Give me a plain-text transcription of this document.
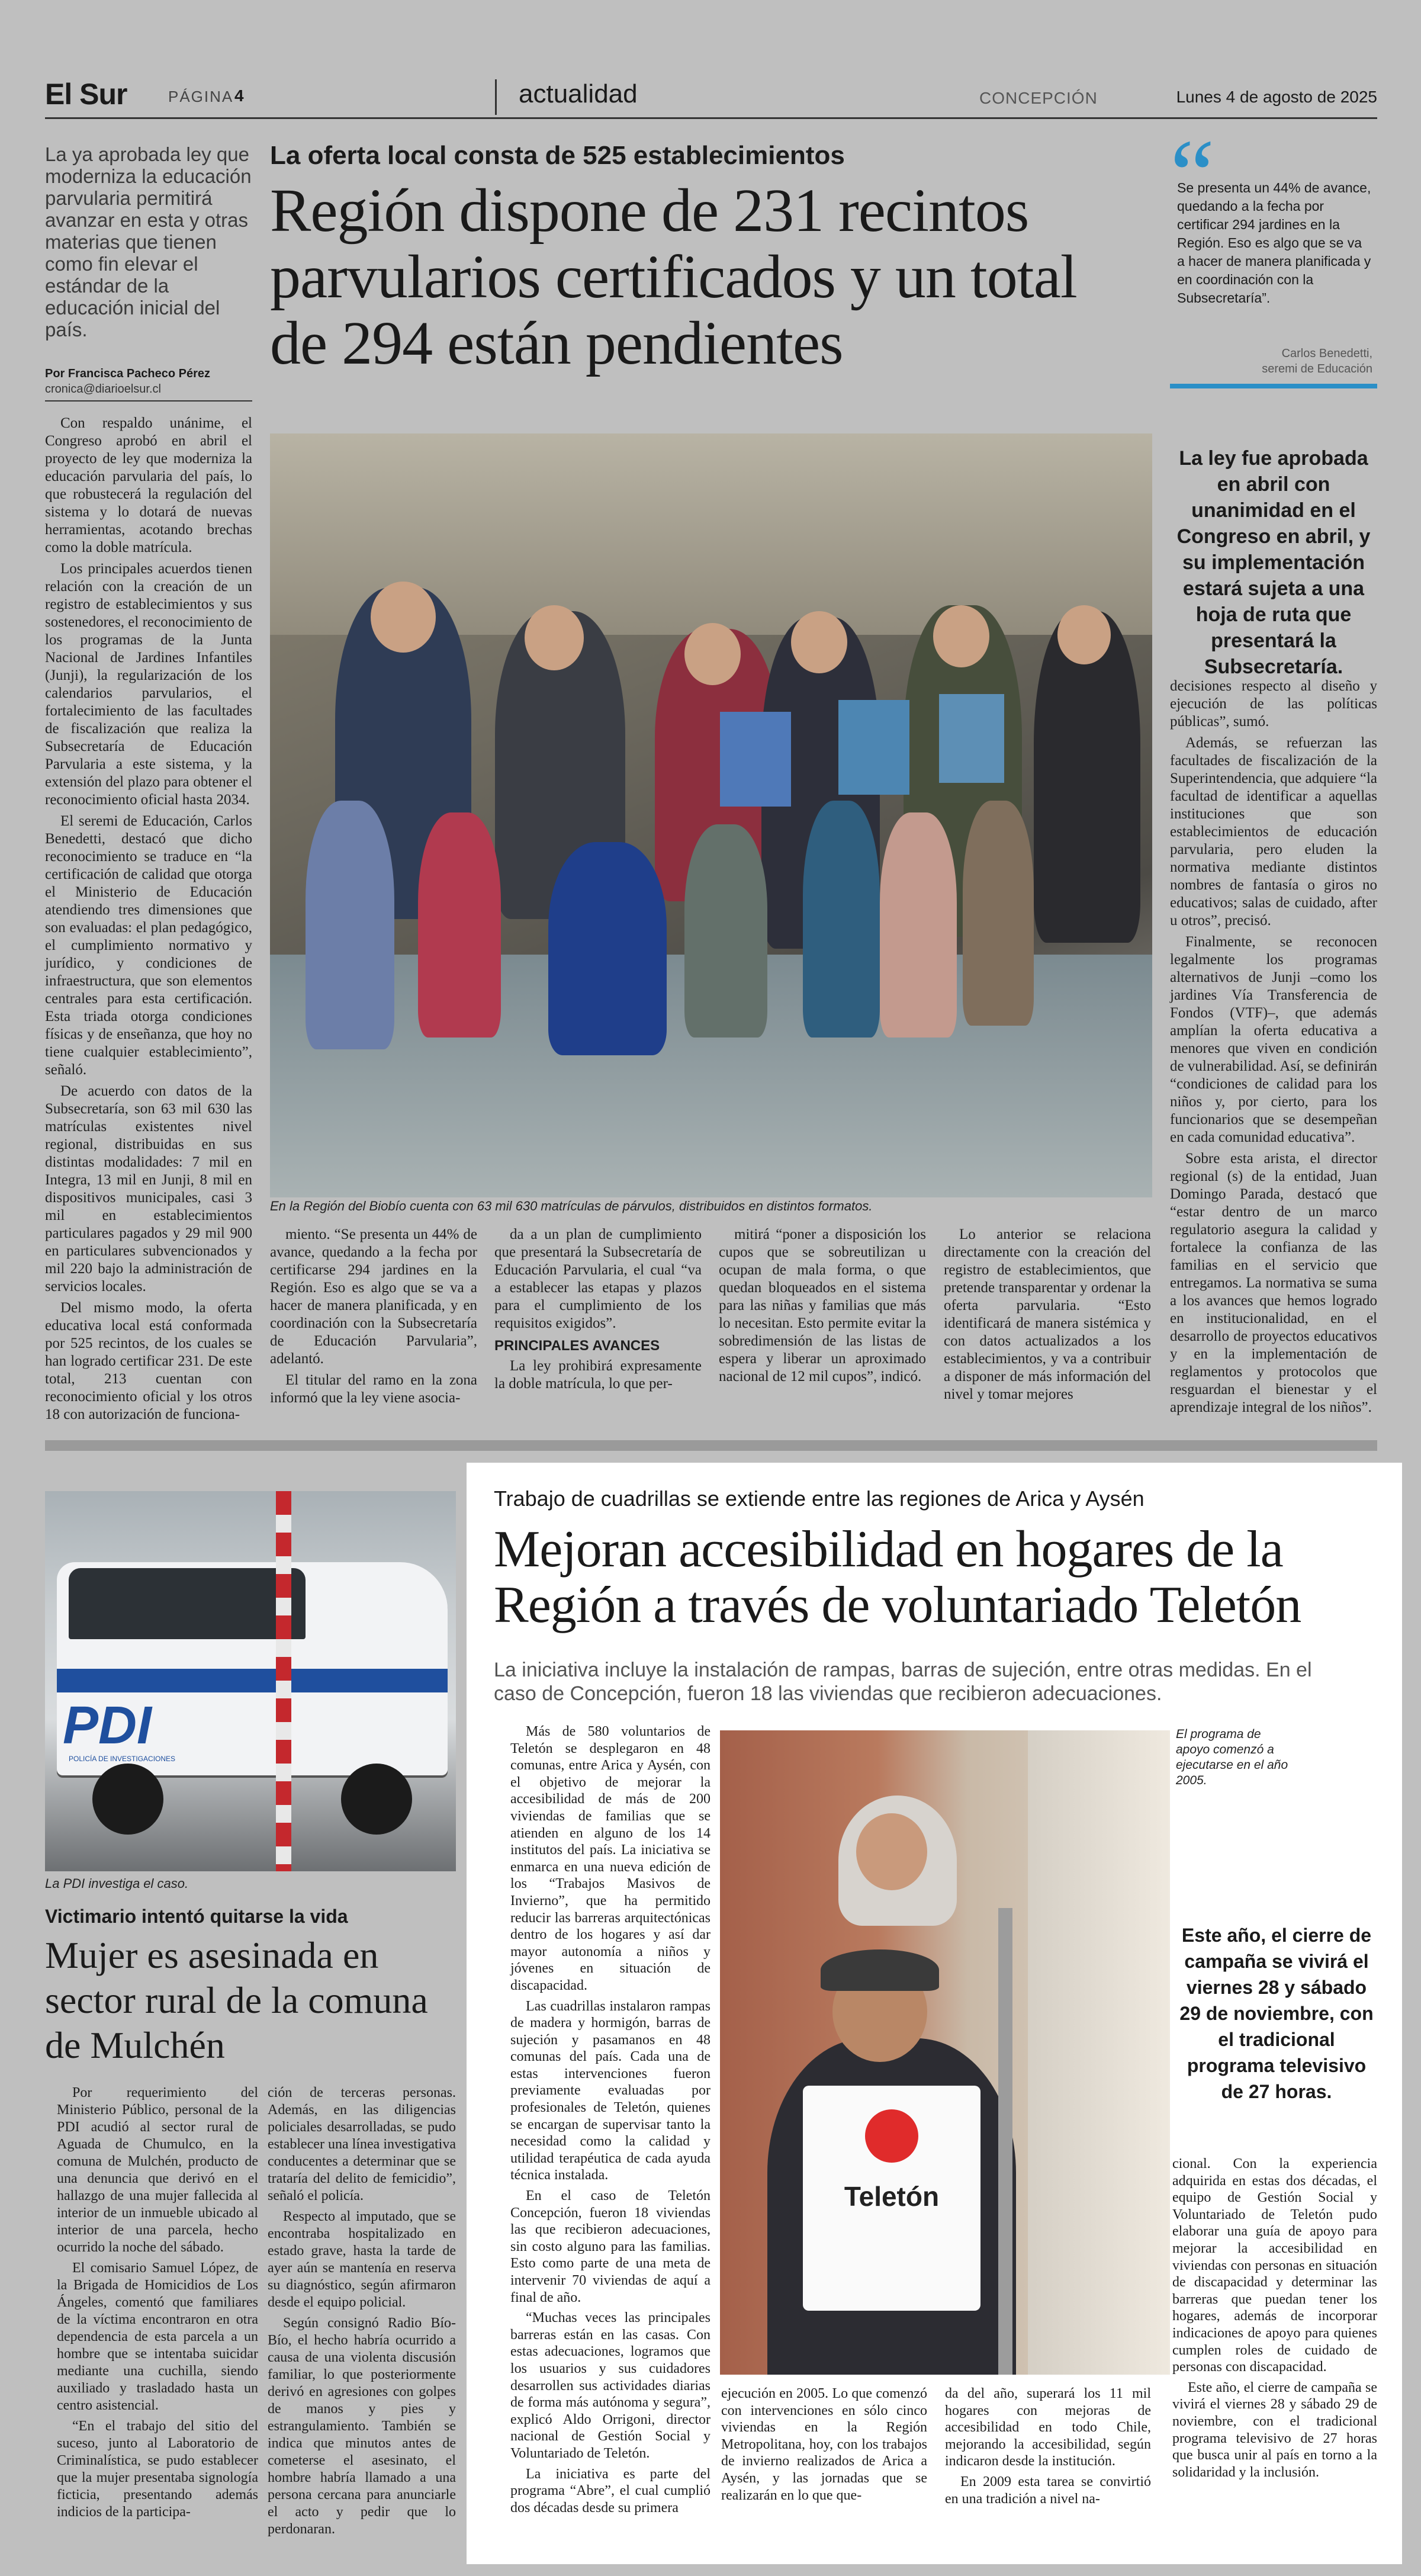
El Sur	PÁGINA 4	actualidad	CONCEPCIÓN	Lunes 4 de agosto de 2025
La ya aprobada ley que moderniza la educación parvularia permitirá avanzar en esta y otras materias que tienen como fin elevar el estándar de la educación inicial del país.
Por Francisca Pacheco Pérez
cronica@diarioelsur.cl
La oferta local consta de 525 establecimientos
Región dispone de 231 recintos parvularios certificados y un total de 294 están pendientes
“
Se presenta un 44% de avance, quedando a la fecha por certificar 294 jardines en la Región. Eso es algo que se va a hacer de manera planificada y en coordinación con la Subsecretaría”.
Carlos Benedetti,
seremi de Educación
En la Región del Biobío cuenta con 63 mil 630 matrículas de párvulos, distribuidos en distintos formatos.
La ley fue aprobada en abril con unanimidad en el Congreso en abril, y su implementación estará sujeta a una hoja de ruta que presentará la Subsecretaría.

Con respaldo unánime, el Congreso aprobó en abril el proyecto de ley que moderniza la educación parvularia del país, lo que robustecerá la regulación del sistema y lo dotará de nuevas herramientas, acotando brechas como la doble matrícula.

Los principales acuerdos tienen relación con la creación de un registro de establecimientos y sus sostenedores, el reconocimiento de los programas de la Junta Nacional de Jardines Infantiles (Junji), la regularización de los calendarios parvularios, el fortalecimiento de las facultades de fiscalización que realiza la Subsecretaría de Educación Parvularia a este sistema, y la extensión del plazo para obtener el reconocimiento oficial hasta 2034.

El seremi de Educación, Carlos Benedetti, destacó que dicho reconocimiento se traduce en “la certificación de calidad que otorga el Ministerio de Educación atendiendo tres dimensiones que son evaluadas: el plan pedagógico, el cumplimiento normativo y jurídico, y condiciones de infraestructura, que son elementos centrales para esta certificación. Esta triada otorga condiciones físicas y de enseñanza, que hoy no tiene cualquier establecimiento”, señaló.

De acuerdo con datos de la Subsecretaría, son 63 mil 630 las matrículas existentes nivel regional, distribuidas en sus distintas modalidades: 7 mil en Integra, 13 mil en Junji, 8 mil en dispositivos municipales, casi 3 mil en establecimientos particulares pagados y 29 mil 900 en particulares subvencionados y mil 220 bajo la administración de servicios locales.

Del mismo modo, la oferta educativa local está conformada por 525 recintos, de los cuales se han logrado certificar 231. De este total, 213 cuentan con reconocimiento oficial y los otros 18 con autorización de funciona-

miento. “Se presenta un 44% de avance, quedando a la fecha por certificarse 294 jardines en la Región. Eso es algo que se va a hacer de manera planificada, y en coordinación con la Subsecretaría de Educación Parvularia”, adelantó.

El titular del ramo en la zona informó que la ley viene asocia-

da a un plan de cumplimiento que presentará la Subsecretaría de Educación Parvularia, el cual “va a establecer las etapas y plazos para el cumplimiento de los requisitos exigidos”.

PRINCIPALES AVANCES

La ley prohibirá expresamente la doble matrícula, lo que per-

mitirá “poner a disposición los cupos que se sobreutilizan u ocupan de mala forma, o que quedan bloqueados en el sistema para las niñas y familias que más lo necesitan. Esto permite evitar la sobredimensión de las listas de espera y liberar un aproximado nacional de 12 mil cupos”, indicó.

Lo anterior se relaciona directamente con la creación del registro de establecimientos, que pretende transparentar y ordenar la oferta parvularia. “Esto identificará de manera sistémica y con datos actualizados a los establecimientos, y va a contribuir a disponer de más información del nivel y tomar mejores

decisiones respecto al diseño y ejecución de las políticas públicas”, sumó.

Además, se refuerzan las facultades de fiscalización de la Superintendencia, que adquiere “la facultad de identificar a aquellas instituciones que son establecimientos de educación parvularia, pero eluden la normativa mediante distintos nombres de fantasía o giros no educativos; salas de cuidado, after u otros”, precisó.

Finalmente, se reconocen legalmente los programas alternativos de Junji –como los jardines Vía Transferencia de Fondos (VTF)–, que además amplían la oferta educativa a menores que viven en condición de vulnerabilidad. Así, se definirán “condiciones de calidad para los niños y, por cierto, para los funcionarios que se desempeñan en cada comunidad educativa”.

Sobre esta arista, el director regional (s) de la entidad, Juan Domingo Parada, destacó que “estar dentro de un marco regulatorio asegura la calidad y fortalece la confianza de las familias en el servicio que entregamos. La normativa se suma a los avances que hemos logrado en institucionalidad, en el desarrollo de proyectos educativos y en la implementación de reglamentos y protocolos que resguardan el bienestar y el aprendizaje integral de los niños”.

PDI
POLICÍA DE INVESTIGACIONES
La PDI investiga el caso.
Victimario intentó quitarse la vida
Mujer es asesinada en sector rural de la comuna de Mulchén

Por requerimiento del Ministerio Público, personal de la PDI acudió al sector rural de Aguada de Chumulco, en la comuna de Mulchén, producto de una denuncia que derivó en el hallazgo de una mujer fallecida al interior de un inmueble ubicado al interior de una parcela, hecho ocurrido la noche del sábado.

El comisario Samuel López, de la Brigada de Homicidios de Los Ángeles, comentó que familiares de la víctima encontraron en otra dependencia de esta parcela a un hombre que se intentaba suicidar mediante una cuchilla, siendo auxiliado y trasladado hasta un centro asistencial.

“En el trabajo del sitio del suceso, junto al Laboratorio de Criminalística, se pudo establecer que la mujer presentaba signología ficticia, presentando además indicios de la participa-

ción de terceras personas. Además, en las diligencias policiales desarrolladas, se pudo establecer una línea investigativa conducentes a determinar que se trataría del delito de femicidio”, señaló el policía.

Respecto al imputado, que se encontraba hospitalizado en estado grave, hasta la tarde de ayer aún se mantenía en reserva su diagnóstico, según afirmaron desde el equipo policial.

Según consignó Radio Bío-Bío, el hecho habría ocurrido a causa de una violenta discusión familiar, lo que posteriormente derivó en agresiones con golpes de manos y pies y estrangulamiento. También se indica que minutos antes de cometerse el asesinato, el hombre habría llamado a una persona cercana para anunciarle el acto y pedir que lo perdonaran.

Trabajo de cuadrillas se extiende entre las regiones de Arica y Aysén
Mejoran accesibilidad en hogares de la Región a través de voluntariado Teletón
La iniciativa incluye la instalación de rampas, barras de sujeción, entre otras medidas. En el caso de Concepción, fueron 18 las viviendas que recibieron adecuaciones.

Más de 580 voluntarios de Teletón se desplegaron en 48 comunas, entre Arica y Aysén, con el objetivo de mejorar la accesibilidad de más de 200 viviendas de familias que se atienden en alguno de los 14 institutos del país. La iniciativa se enmarca en una nueva edición de los “Trabajos Masivos de Invierno”, que ha permitido reducir las barreras arquitectónicas dentro de los hogares y así dar mayor autonomía a niños y jóvenes en situación de discapacidad.

Las cuadrillas instalaron rampas de madera y hormigón, barras de sujeción y pasamanos en 48 comunas del país. Cada una de estas intervenciones fueron previamente evaluadas por profesionales de Teletón, quienes se encargan de supervisar tanto la necesidad como la calidad y utilidad terapéutica de cada ayuda técnica instalada.

En el caso de Teletón Concepción, fueron 18 viviendas las que recibieron adecuaciones, sin costo alguno para las familias. Esto como parte de una meta de intervenir 70 viviendas de aquí a final de año.

“Muchas veces las principales barreras están en las casas. Con estas adecuaciones, logramos que los usuarios y sus cuidadores desarrollen sus actividades diarias de forma más autónoma y segura”, explicó Aldo Orrigoni, director nacional de Gestión Social y Voluntariado de Teletón.

La iniciativa es parte del programa “Abre”, el cual cumplió dos décadas desde su primera

Teletón
El programa de apoyo comenzó a ejecutarse en el año 2005.
Este año, el cierre de campaña se vivirá el viernes 28 y sábado 29 de noviembre, con el tradicional programa televisivo de 27 horas.

ejecución en 2005. Lo que comenzó con intervenciones en sólo cinco viviendas en la Región Metropolitana, hoy, con los trabajos de invierno realizados de Arica a Aysén, y las jornadas que se realizarán en lo que que-

da del año, superará los 11 mil hogares con mejoras de accesibilidad en todo Chile, mejorando la accesibilidad, según indicaron desde la institución.

En 2009 esta tarea se convirtió en una tradición a nivel na-

cional. Con la experiencia adquirida en estas dos décadas, el equipo de Gestión Social y Voluntariado de Teletón pudo elaborar una guía de apoyo para mejorar la accesibilidad en viviendas con personas en situación de discapacidad y determinar las barreras que puedan tener los hogares, además de incorporar indicaciones de apoyo para quienes cumplen roles de cuidado de personas con discapacidad.

Este año, el cierre de campaña se vivirá el viernes 28 y sábado 29 de noviembre, con el tradicional programa televisivo de 27 horas que busca unir al país en torno a la solidaridad y la inclusión.
